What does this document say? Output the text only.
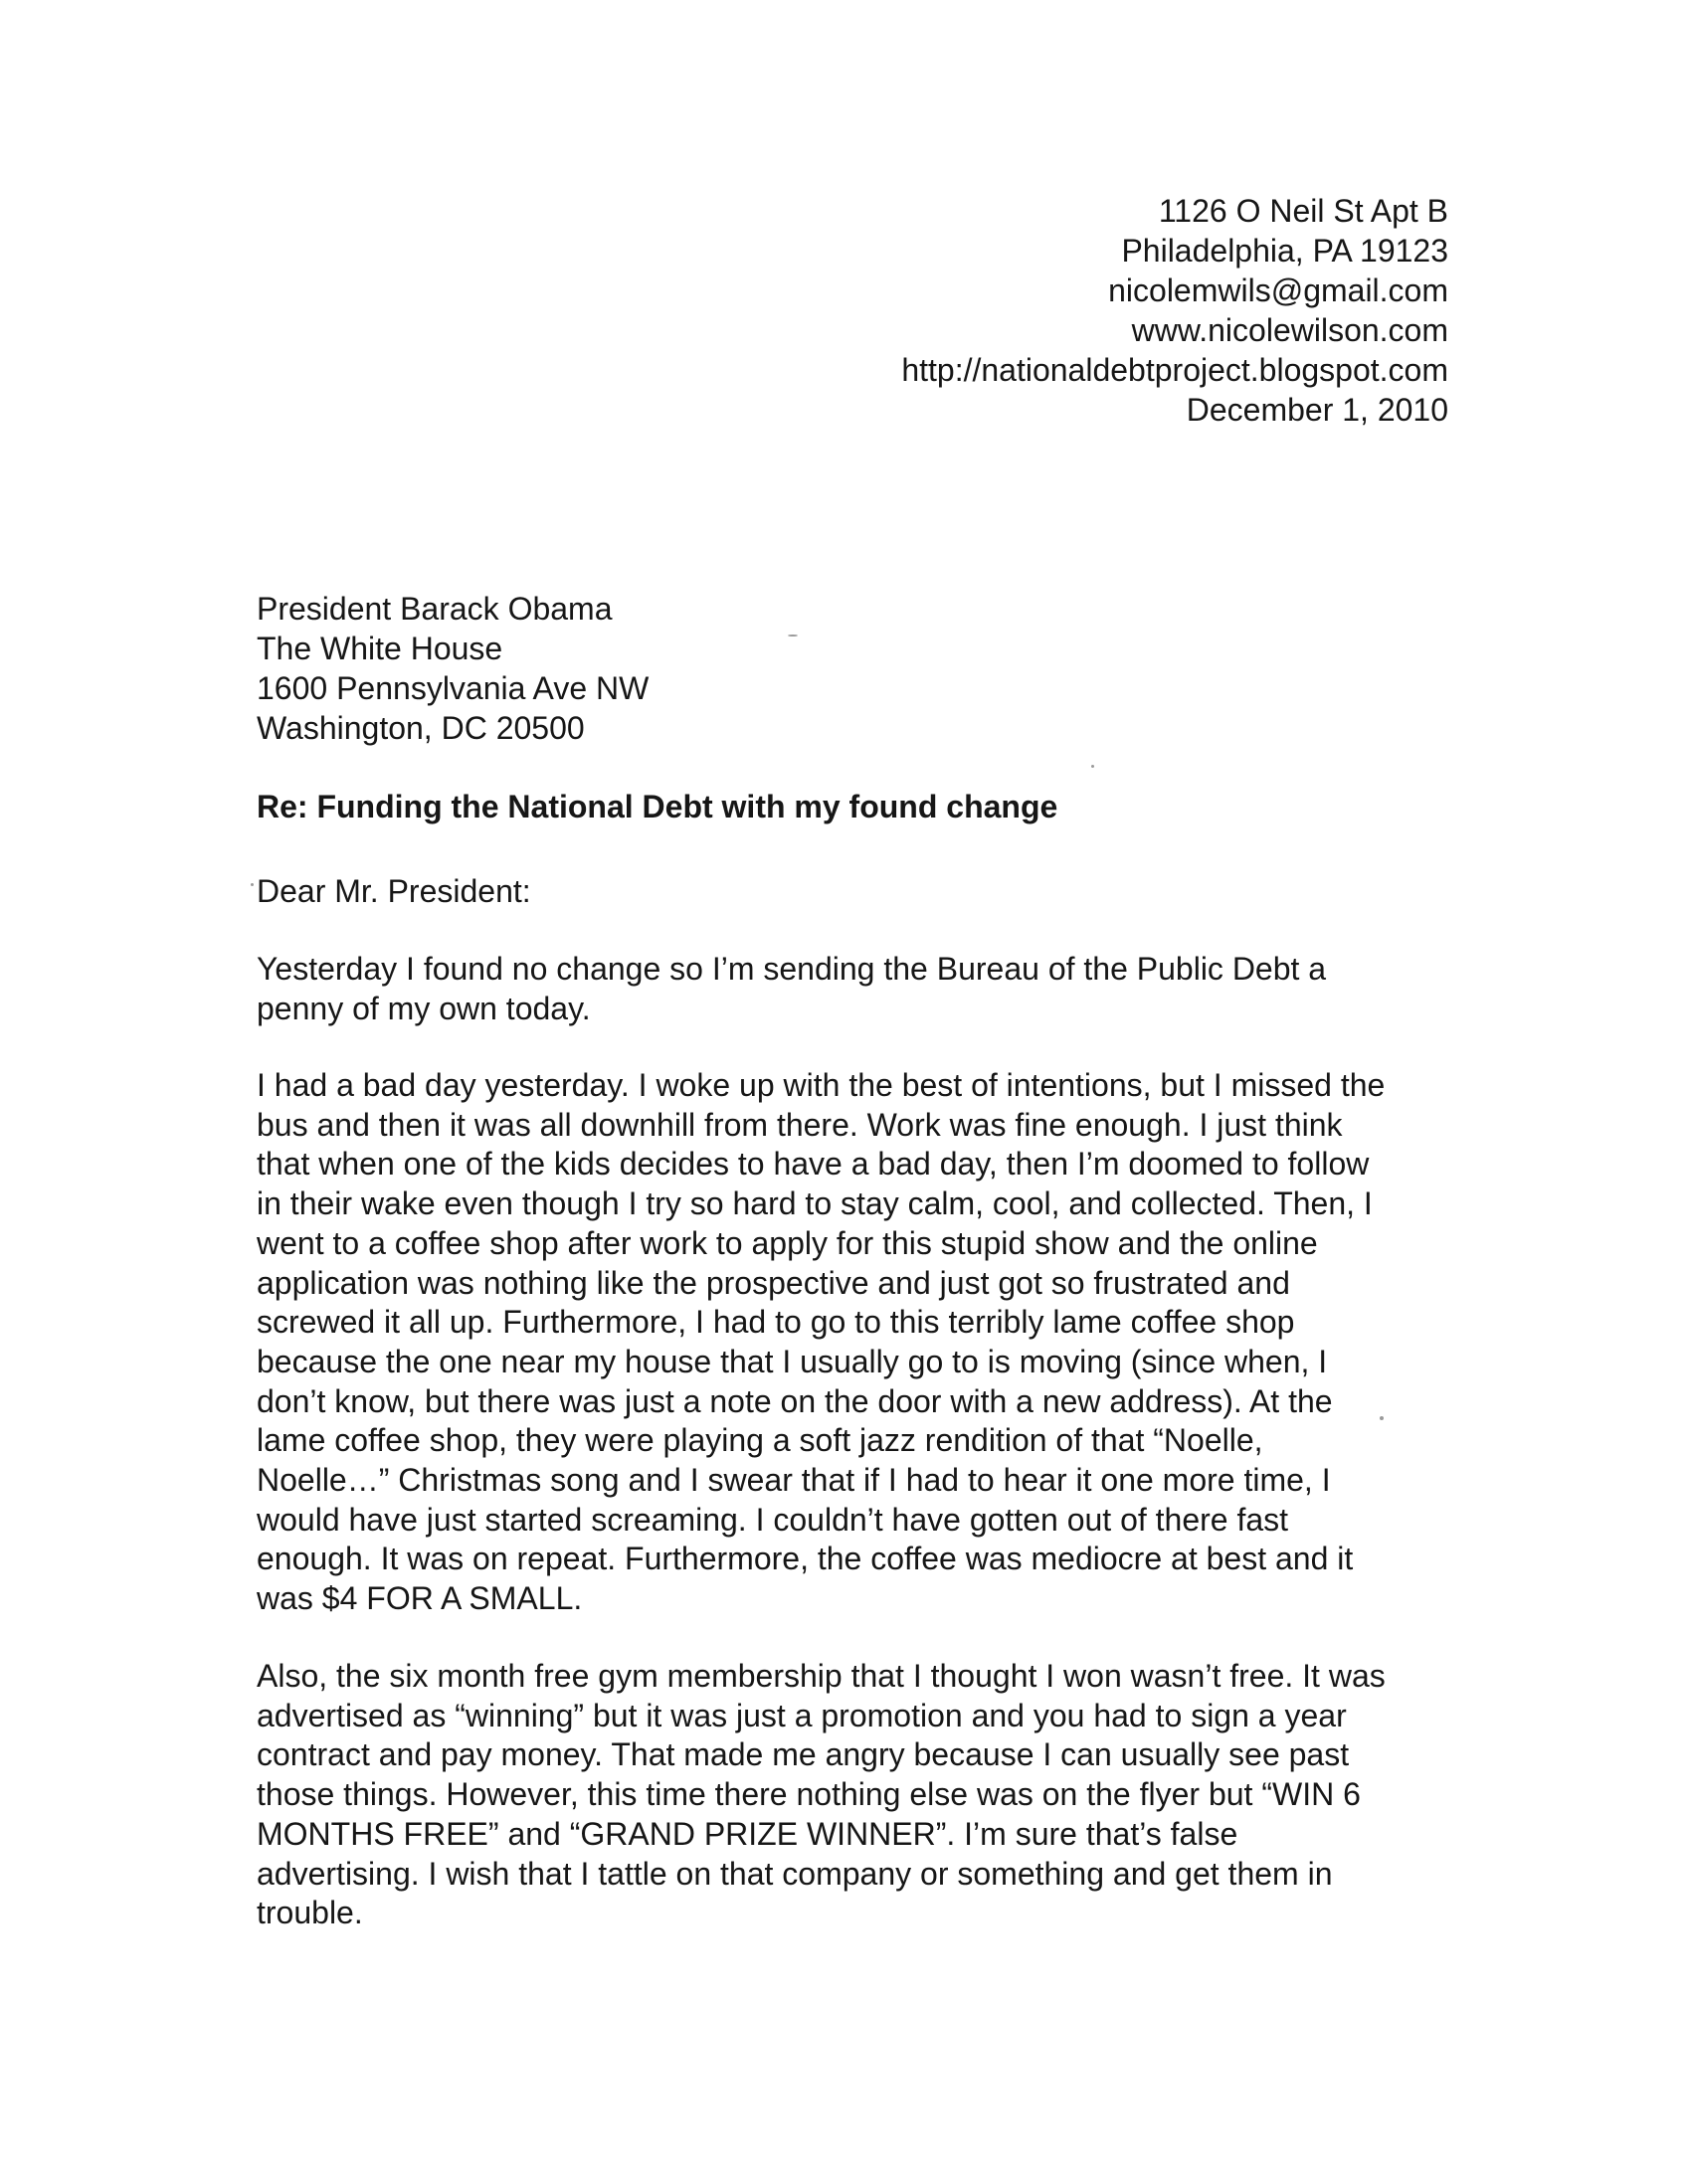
1126 O Neil St Apt B
Philadelphia, PA 19123
nicolemwils@gmail.com
www.nicolewilson.com
http://nationaldebtproject.blogspot.com
December 1, 2010
President Barack Obama
The White House
1600 Pennsylvania Ave NW
Washington, DC 20500
Re: Funding the National Debt with my found change
Dear Mr. President:
Yesterday I found no change so I’m sending the Bureau of the Public Debt a
penny of my own today.
I had a bad day yesterday. I woke up with the best of intentions, but I missed the
bus and then it was all downhill from there. Work was fine enough. I just think
that when one of the kids decides to have a bad day, then I’m doomed to follow
in their wake even though I try so hard to stay calm, cool, and collected. Then, I
went to a coffee shop after work to apply for this stupid show and the online
application was nothing like the prospective and just got so frustrated and
screwed it all up. Furthermore, I had to go to this terribly lame coffee shop
because the one near my house that I usually go to is moving (since when, I
don’t know, but there was just a note on the door with a new address). At the
lame coffee shop, they were playing a soft jazz rendition of that “Noelle,
Noelle…” Christmas song and I swear that if I had to hear it one more time, I
would have just started screaming. I couldn’t have gotten out of there fast
enough. It was on repeat. Furthermore, the coffee was mediocre at best and it
was $4 FOR A SMALL.
Also, the six month free gym membership that I thought I won wasn’t free. It was
advertised as “winning” but it was just a promotion and you had to sign a year
contract and pay money. That made me angry because I can usually see past
those things. However, this time there nothing else was on the flyer but “WIN 6
MONTHS FREE” and “GRAND PRIZE WINNER”. I’m sure that’s false
advertising. I wish that I tattle on that company or something and get them in
trouble.
